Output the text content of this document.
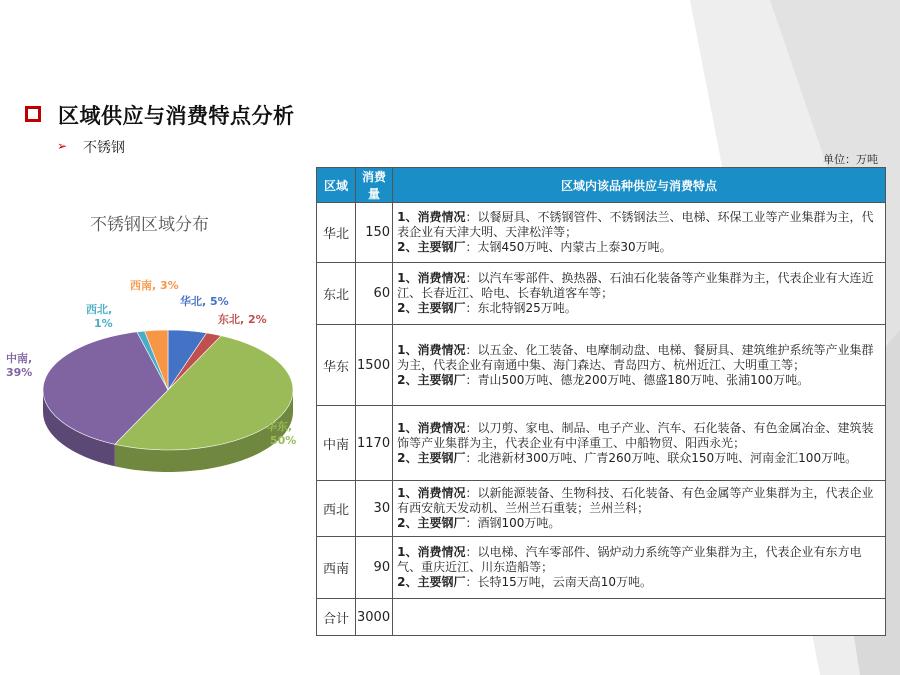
区域供应与消费特点分析
➢ 不锈钢
单位：万吨
不锈钢区域分布
华北, 5%
东北, 2%
华东,
50%
中南,
39%
西北,
1%
西南, 3%
区域	消费量	区域内该品种供应与消费特点
华北	150	1、消费情况：以餐厨具、不锈钢管件、不锈钢法兰、电梯、环保工业等产业集群为主，代表企业有天津大明、天津松洋等；
2、主要钢厂：太钢450万吨、内蒙古上泰30万吨。

东北	60	1、消费情况：以汽车零部件、换热器、石油石化装备等产业集群为主，代表企业有大连近江、长春近江、哈电、长春轨道客车等；
2、主要钢厂：东北特钢25万吨。

华东	1500	1、消费情况：以五金、化工装备、电摩制动盘、电梯、餐厨具、建筑维护系统等产业集群为主，代表企业有南通中集、海门森达、青岛四方、杭州近江、大明重工等；
2、主要钢厂：青山500万吨、德龙200万吨、德盛180万吨、张浦100万吨。

中南	1170	1、消费情况：以刀剪、家电、制品、电子产业、汽车、石化装备、有色金属冶金、建筑装饰等产业集群为主，代表企业有中泽重工、中船物贸、阳西永光；
2、主要钢厂：北港新材300万吨、广青260万吨、联众150万吨、河南金汇100万吨。

西北	30	1、消费情况：以新能源装备、生物科技、石化装备、有色金属等产业集群为主，代表企业有西安航天发动机、兰州兰石重装；兰州兰科；
2、主要钢厂：酒钢100万吨。

西南	90	1、消费情况：以电梯、汽车零部件、锅炉动力系统等产业集群为主，代表企业有东方电气、重庆近江、川东造船等；
2、主要钢厂：长特15万吨，云南天高10万吨。

合计	3000	
